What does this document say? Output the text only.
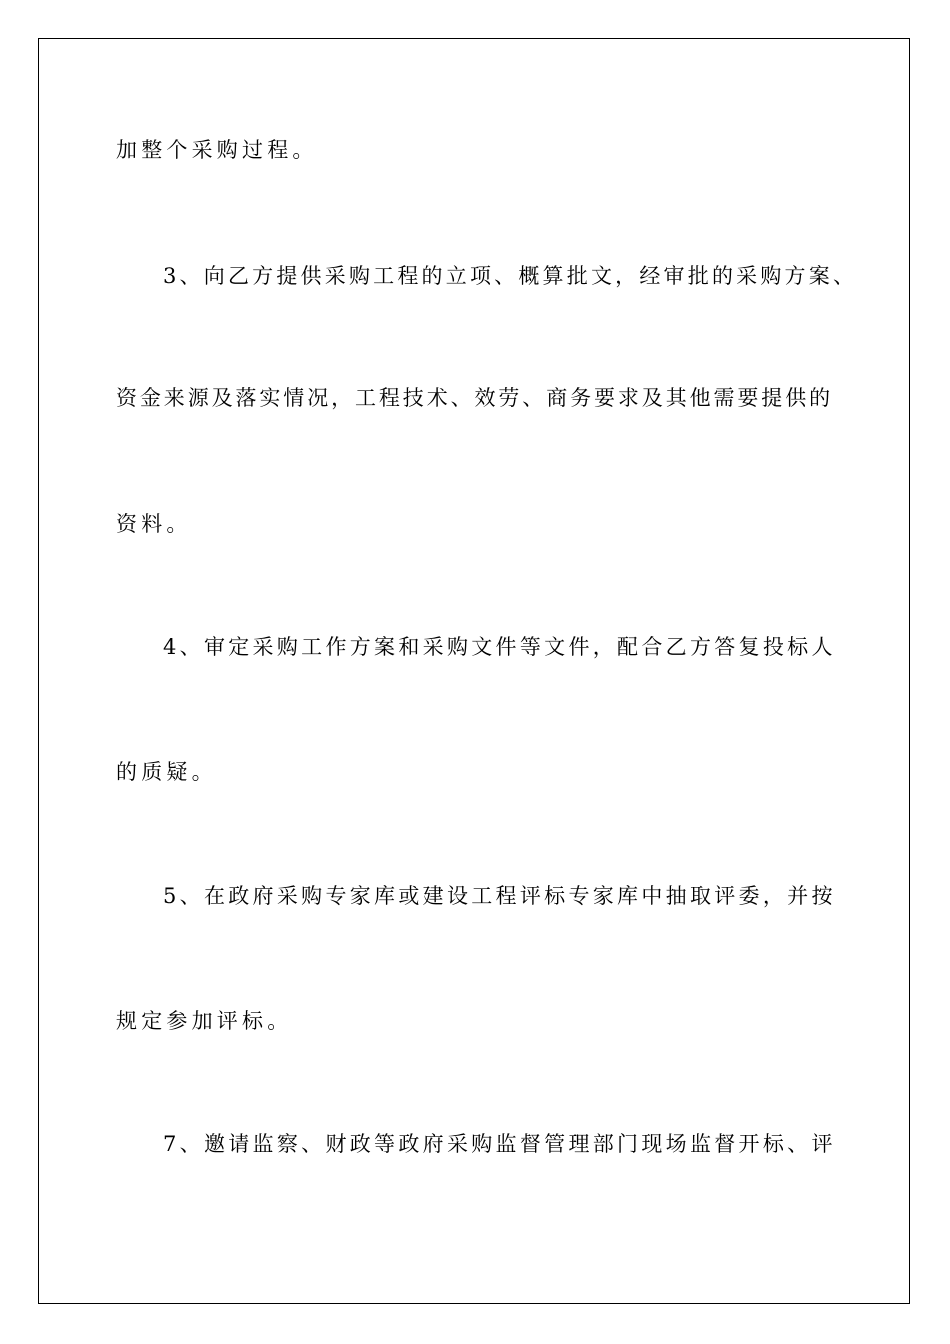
加整个采购过程。
3、向乙方提供采购工程的立项、概算批文，经审批的采购方案、
资金来源及落实情况，工程技术、效劳、商务要求及其他需要提供的
资料。
4、审定采购工作方案和采购文件等文件，配合乙方答复投标人
的质疑。
5、在政府采购专家库或建设工程评标专家库中抽取评委，并按
规定参加评标。
7、邀请监察、财政等政府采购监督管理部门现场监督开标、评
